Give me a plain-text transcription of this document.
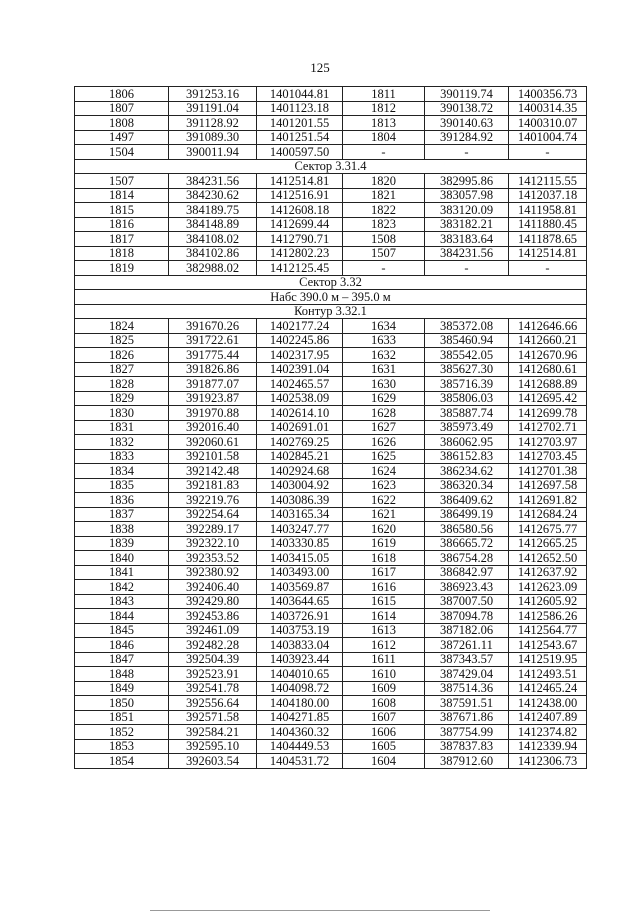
125
1806	391253.16	1401044.81	1811	390119.74	1400356.73
1807	391191.04	1401123.18	1812	390138.72	1400314.35
1808	391128.92	1401201.55	1813	390140.63	1400310.07
1497	391089.30	1401251.54	1804	391284.92	1401004.74
1504	390011.94	1400597.50	-	-	-
Сектор 3.31.4					
1507	384231.56	1412514.81	1820	382995.86	1412115.55
1814	384230.62	1412516.91	1821	383057.98	1412037.18
1815	384189.75	1412608.18	1822	383120.09	1411958.81
1816	384148.89	1412699.44	1823	383182.21	1411880.45
1817	384108.02	1412790.71	1508	383183.64	1411878.65
1818	384102.86	1412802.23	1507	384231.56	1412514.81
1819	382988.02	1412125.45	-	-	-
Сектор 3.32					
Набс 390.0 м – 395.0 м					
Контур 3.32.1					
1824	391670.26	1402177.24	1634	385372.08	1412646.66
1825	391722.61	1402245.86	1633	385460.94	1412660.21
1826	391775.44	1402317.95	1632	385542.05	1412670.96
1827	391826.86	1402391.04	1631	385627.30	1412680.61
1828	391877.07	1402465.57	1630	385716.39	1412688.89
1829	391923.87	1402538.09	1629	385806.03	1412695.42
1830	391970.88	1402614.10	1628	385887.74	1412699.78
1831	392016.40	1402691.01	1627	385973.49	1412702.71
1832	392060.61	1402769.25	1626	386062.95	1412703.97
1833	392101.58	1402845.21	1625	386152.83	1412703.45
1834	392142.48	1402924.68	1624	386234.62	1412701.38
1835	392181.83	1403004.92	1623	386320.34	1412697.58
1836	392219.76	1403086.39	1622	386409.62	1412691.82
1837	392254.64	1403165.34	1621	386499.19	1412684.24
1838	392289.17	1403247.77	1620	386580.56	1412675.77
1839	392322.10	1403330.85	1619	386665.72	1412665.25
1840	392353.52	1403415.05	1618	386754.28	1412652.50
1841	392380.92	1403493.00	1617	386842.97	1412637.92
1842	392406.40	1403569.87	1616	386923.43	1412623.09
1843	392429.80	1403644.65	1615	387007.50	1412605.92
1844	392453.86	1403726.91	1614	387094.78	1412586.26
1845	392461.09	1403753.19	1613	387182.06	1412564.77
1846	392482.28	1403833.04	1612	387261.11	1412543.67
1847	392504.39	1403923.44	1611	387343.57	1412519.95
1848	392523.91	1404010.65	1610	387429.04	1412493.51
1849	392541.78	1404098.72	1609	387514.36	1412465.24
1850	392556.64	1404180.00	1608	387591.51	1412438.00
1851	392571.58	1404271.85	1607	387671.86	1412407.89
1852	392584.21	1404360.32	1606	387754.99	1412374.82
1853	392595.10	1404449.53	1605	387837.83	1412339.94
1854	392603.54	1404531.72	1604	387912.60	1412306.73
